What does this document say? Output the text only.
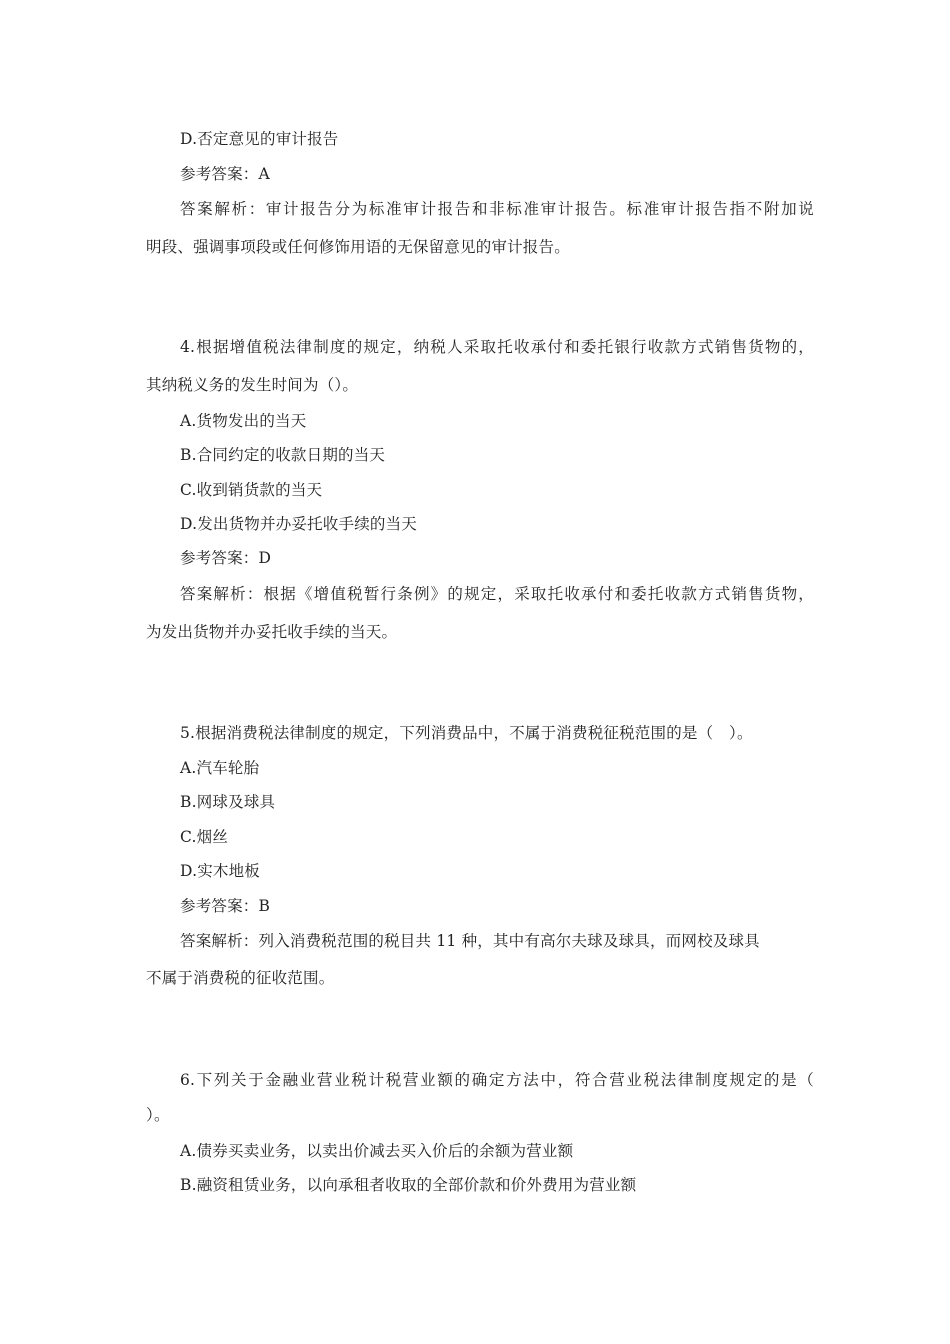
D.否定意见的审计报告
参考答案：A
答案解析：审计报告分为标准审计报告和非标准审计报告。标准审计报告指不附加说
明段、强调事项段或任何修饰用语的无保留意见的审计报告。
4.根据增值税法律制度的规定，纳税人采取托收承付和委托银行收款方式销售货物的，
其纳税义务的发生时间为（）。
A.货物发出的当天
B.合同约定的收款日期的当天
C.收到销货款的当天
D.发出货物并办妥托收手续的当天
参考答案：D
答案解析：根据《增值税暂行条例》的规定，采取托收承付和委托收款方式销售货物，
为发出货物并办妥托收手续的当天。
5.根据消费税法律制度的规定，下列消费品中，不属于消费税征税范围的是（　）。
A.汽车轮胎
B.网球及球具
C.烟丝
D.实木地板
参考答案：B
答案解析：列入消费税范围的税目共 11 种，其中有高尔夫球及球具，而网校及球具
不属于消费税的征收范围。
6.下列关于金融业营业税计税营业额的确定方法中，符合营业税法律制度规定的是（
）。
A.债券买卖业务，以卖出价减去买入价后的余额为营业额
B.融资租赁业务，以向承租者收取的全部价款和价外费用为营业额
